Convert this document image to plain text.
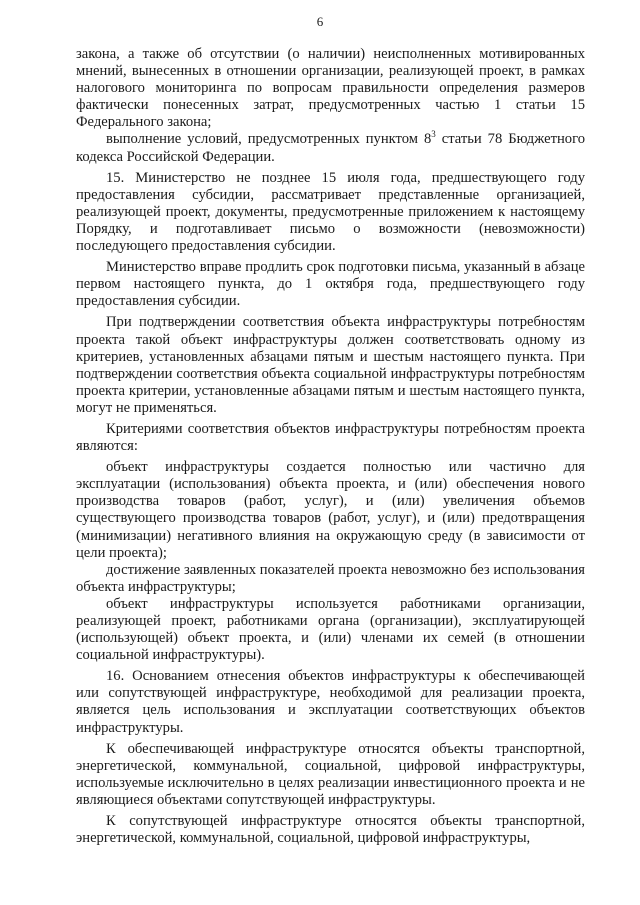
6

закона, а также об отсутствии (о наличии) неисполненных мотивированных мнений, вынесенных в отношении организации, реализующей проект, в рамках налогового мониторинга по вопросам правильности определения размеров фактически понесенных затрат, предусмотренных частью 1 статьи 15 Федерального закона;

выполнение условий, предусмотренных пунктом $8^3$ статьи 78 Бюджетного кодекса Российской Федерации.

15. Министерство не позднее 15 июля года, предшествующего году предоставления субсидии, рассматривает представленные организацией, реализующей проект, документы, предусмотренные приложением к настоящему Порядку, и подготавливает письмо о возможности (невозможности) последующего предоставления субсидии.

Министерство вправе продлить срок подготовки письма, указанный в абзаце первом настоящего пункта, до 1 октября года, предшествующего году предоставления субсидии.

При подтверждении соответствия объекта инфраструктуры потребностям проекта такой объект инфраструктуры должен соответствовать одному из критериев, установленных абзацами пятым и шестым настоящего пункта. При подтверждении соответствия объекта социальной инфраструктуры потребностям проекта критерии, установленные абзацами пятым и шестым настоящего пункта, могут не применяться.

Критериями соответствия объектов инфраструктуры потребностям проекта являются:

объект инфраструктуры создается полностью или частично для эксплуатации (использования) объекта проекта, и (или) обеспечения нового производства товаров (работ, услуг), и (или) увеличения объемов существующего производства товаров (работ, услуг), и (или) предотвращения (минимизации) негативного влияния на окружающую среду (в зависимости от цели проекта);

достижение заявленных показателей проекта невозможно без использования объекта инфраструктуры;

объект инфраструктуры используется работниками организации, реализующей проект, работниками органа (организации), эксплуатирующей (использующей) объект проекта, и (или) членами их семей (в отношении социальной инфраструктуры).

16. Основанием отнесения объектов инфраструктуры к обеспечивающей или сопутствующей инфраструктуре, необходимой для реализации проекта, является цель использования и эксплуатации соответствующих объектов инфраструктуры.

К обеспечивающей инфраструктуре относятся объекты транспортной, энергетической, коммунальной, социальной, цифровой инфраструктуры, используемые исключительно в целях реализации инвестиционного проекта и не являющиеся объектами сопутствующей инфраструктуры.

К сопутствующей инфраструктуре относятся объекты транспортной, энергетической, коммунальной, социальной, цифровой инфраструктуры,
